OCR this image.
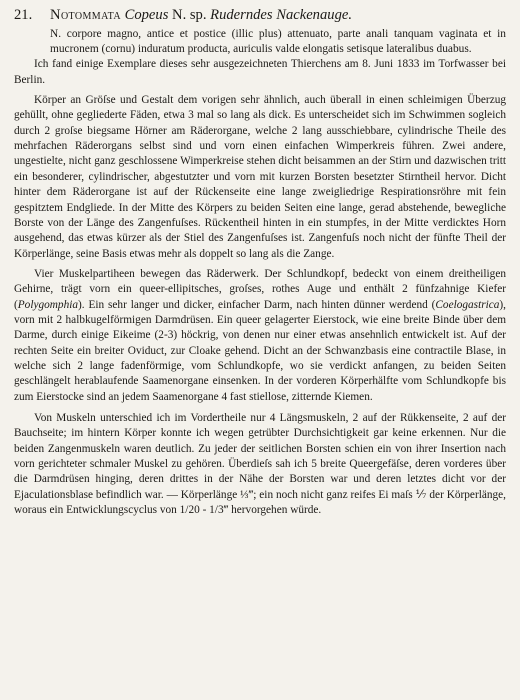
21. Notommata Copeus N. sp. Ruderndes Nackenauge.
N. corpore magno, antice et postice (illic plus) attenuato, parte anali tanquam vaginata et in mucronem (cornu) induratum producta, auriculis valde elongatis setisque lateralibus duabus.

Ich fand einige Exemplare dieses sehr ausgezeichneten Thierchens am 8. Juni 1833 im Torfwasser bei Berlin.

Körper an Gröſse und Gestalt dem vorigen sehr ähnlich, auch überall in einen schleimigen Überzug gehüllt, ohne gegliederte Fäden, etwa 3 mal so lang als dick. Es unterscheidet sich im Schwimmen sogleich durch 2 groſse biegsame Hörner am Räderorgane, welche 2 lang ausschiebbare, cylindrische Theile des mehrfachen Räderorgans selbst sind und vorn einen einfachen Wimperkreis führen. Zwei andere, ungestielte, nicht ganz geschlossene Wimperkreise stehen dicht beisammen an der Stirn und dazwischen tritt ein besonderer, cylindrischer, abgestutzter und vorn mit kurzen Borsten besetzter Stirntheil hervor. Dicht hinter dem Räderorgane ist auf der Rückenseite eine lange zweigliedrige Respirationsröhre mit fein gespitztem Endgliede. In der Mitte des Körpers zu beiden Seiten eine lange, gerad abstehende, bewegliche Borste von der Länge des Zangenfuſses. Rückentheil hinten in ein stumpfes, in der Mitte verdicktes Horn ausgehend, das etwas kürzer als der Stiel des Zangenfuſses ist. Zangenfuſs noch nicht der fünfte Theil der Körperlänge, seine Basis etwas mehr als doppelt so lang als die Zange.

Vier Muskelpartiheen bewegen das Räderwerk. Der Schlundkopf, bedeckt von einem dreitheiligen Gehirne, trägt vorn ein queer-ellipitsches, groſses, rothes Auge und enthält 2 fünfzahnige Kiefer (Polygomphia). Ein sehr langer und dicker, einfacher Darm, nach hinten dünner werdend (Coelogastrica), vorn mit 2 halbkugelförmigen Darmdrüsen. Ein queer gelagerter Eierstock, wie eine breite Binde über dem Darme, durch einige Eikeime (2-3) höckrig, von denen nur einer etwas ansehnlich entwickelt ist. Auf der rechten Seite ein breiter Oviduct, zur Cloake gehend. Dicht an der Schwanzbasis eine contractile Blase, in welche sich 2 lange fadenförmige, vom Schlundkopfe, wo sie verdickt anfangen, zu beiden Seiten geschlängelt herablaufende Saamenorgane einsenken. In der vorderen Körperhälfte vom Schlundkopfe bis zum Eierstocke sind an jedem Saamenorgane 4 fast stiellose, zitternde Kiemen.

Von Muskeln unterschied ich im Vordertheile nur 4 Längsmuskeln, 2 auf der Rükkenseite, 2 auf der Bauchseite; im hintern Körper konnte ich wegen getrübter Durchsichtigkeit gar keine erkennen. Nur die beiden Zangenmuskeln waren deutlich. Zu jeder der seitlichen Borsten schien ein von ihrer Insertion nach vorn gerichteter schmaler Muskel zu gehören. Überdieſs sah ich 5 breite Queergefäſse, deren vorderes über die Darmdrüsen hinging, deren drittes in der Nähe der Borsten war und deren letztes dicht vor der Ejaculationsblase befindlich war. — Körperlänge ⅓‴; ein noch nicht ganz reifes Ei maſs ⅐ der Körperlänge, woraus ein Entwicklungscyclus von 1/20 - 1/3‴ hervorgehen würde.
